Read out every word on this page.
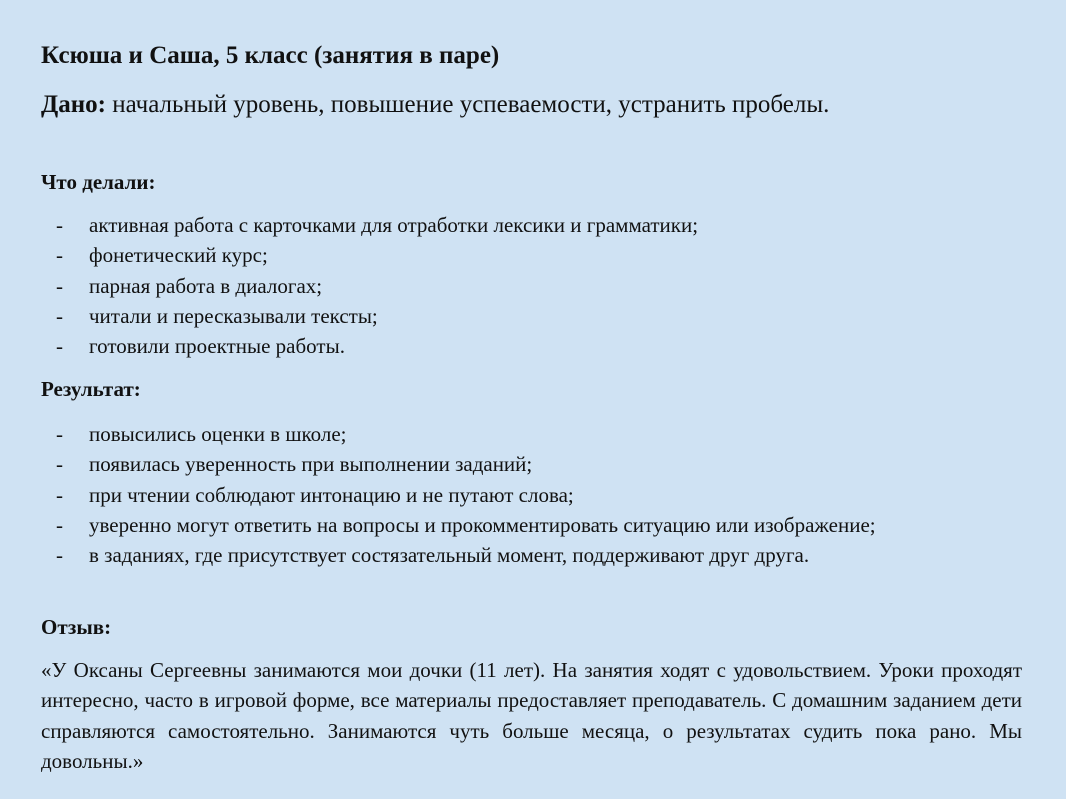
Ксюша и Саша, 5 класс (занятия в паре)
Дано: начальный уровень, повышение успеваемости, устранить пробелы.
Что делали:
- активная работа с карточками для отработки лексики и грамматики;
- фонетический курс;
- парная работа в диалогах;
- читали и пересказывали тексты;
- готовили проектные работы.
Результат:
- повысились оценки в школе;
- появилась уверенность при выполнении заданий;
- при чтении соблюдают интонацию и не путают слова;
- уверенно могут ответить на вопросы и прокомментировать ситуацию или изображение;
- в заданиях, где присутствует состязательный момент, поддерживают друг друга.
Отзыв:

«У Оксаны Сергеевны занимаются мои дочки (11 лет). На занятия ходят с удовольствием. Уроки проходят интересно, часто в игровой форме, все материалы предоставляет преподаватель. С домашним заданием дети справляются самостоятельно. Занимаются чуть больше месяца, о результатах судить пока рано. Мы довольны.»
